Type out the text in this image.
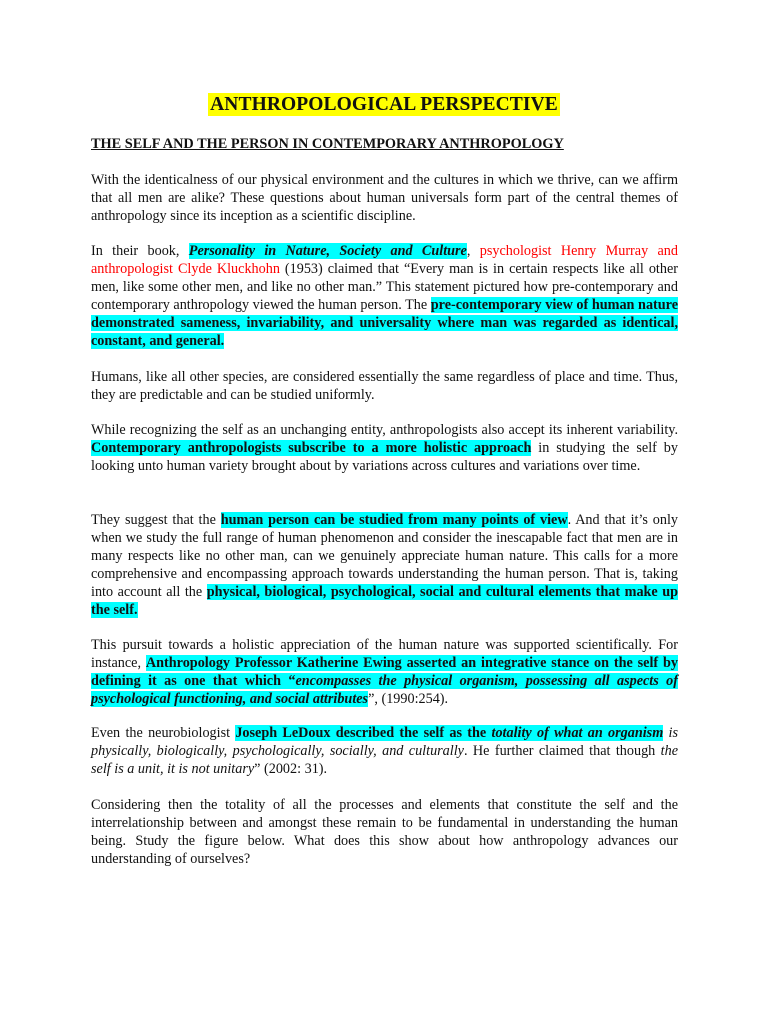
ANTHROPOLOGICAL PERSPECTIVE
THE SELF AND THE PERSON IN CONTEMPORARY ANTHROPOLOGY

With the identicalness of our physical environment and the cultures in which we thrive, can we affirm that all men are alike? These questions about human universals form part of the central themes of anthropology since its inception as a scientific discipline.

In their book, Personality in Nature, Society and Culture, psychologist Henry Murray and anthropologist Clyde Kluckhohn (1953) claimed that “Every man is in certain respects like all other men, like some other men, and like no other man.” This statement pictured how pre-contemporary and contemporary anthropology viewed the human person. The pre-contemporary view of human nature demonstrated sameness, invariability, and universality where man was regarded as identical, constant, and general.

Humans, like all other species, are considered essentially the same regardless of place and time. Thus, they are predictable and can be studied uniformly.

While recognizing the self as an unchanging entity, anthropologists also accept its inherent variability. Contemporary anthropologists subscribe to a more holistic approach in studying the self by looking unto human variety brought about by variations across cultures and variations over time.

They suggest that the human person can be studied from many points of view. And that it’s only when we study the full range of human phenomenon and consider the inescapable fact that men are in many respects like no other man, can we genuinely appreciate human nature. This calls for a more comprehensive and encompassing approach towards understanding the human person. That is, taking into account all the physical, biological, psychological, social and cultural elements that make up the self.

This pursuit towards a holistic appreciation of the human nature was supported scientifically. For instance, Anthropology Professor Katherine Ewing asserted an integrative stance on the self by defining it as one that which “encompasses the physical organism, possessing all aspects of psychological functioning, and social attributes”, (1990:254).

Even the neurobiologist Joseph LeDoux described the self as the totality of what an organism is physically, biologically, psychologically, socially, and culturally. He further claimed that though the self is a unit, it is not unitary” (2002: 31).

Considering then the totality of all the processes and elements that constitute the self and the interrelationship between and amongst these remain to be fundamental in understanding the human being. Study the figure below. What does this show about how anthropology advances our understanding of ourselves?
